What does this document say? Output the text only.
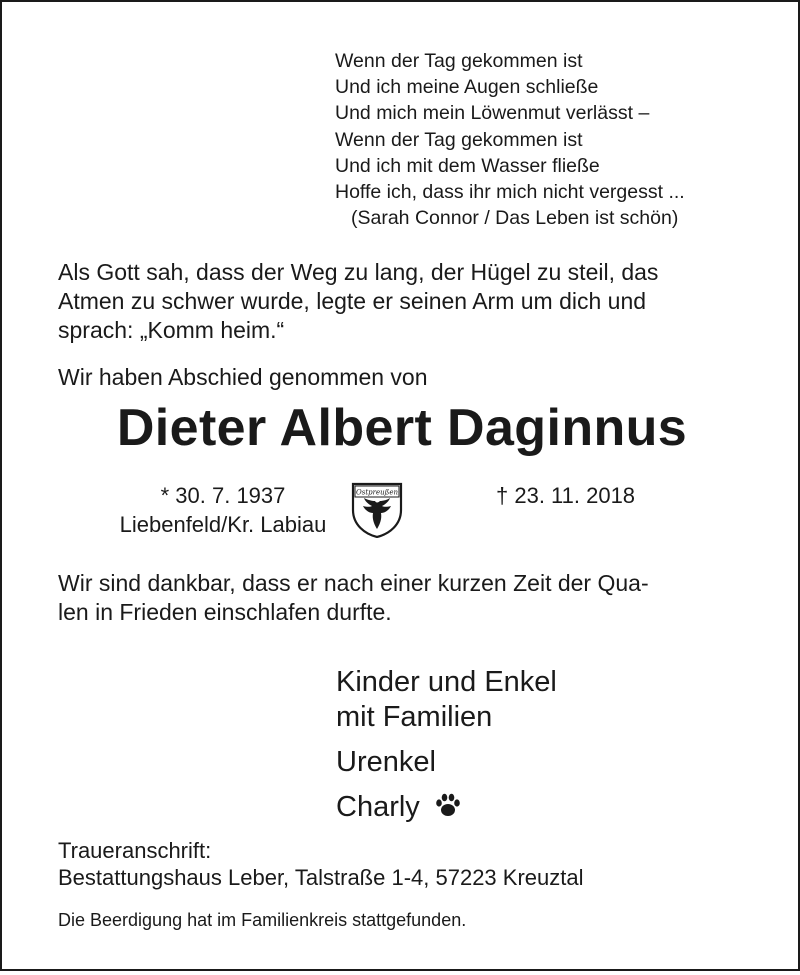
Wenn der Tag gekommen ist
Und ich meine Augen schließe
Und mich mein Löwenmut verlässt –
Wenn der Tag gekommen ist
Und ich mit dem Wasser fließe
Hoffe ich, dass ihr mich nicht vergesst ...
(Sarah Connor / Das Leben ist schön)
Als Gott sah, dass der Weg zu lang, der Hügel zu steil, das
Atmen zu schwer wurde, legte er seinen Arm um dich und
sprach: „Komm heim.“
Wir haben Abschied genommen von
Dieter Albert Daginnus
* 30. 7. 1937
Liebenfeld/Kr. Labiau
Ostpreußen	† 23. 11. 2018
Wir sind dankbar, dass er nach einer kurzen Zeit der Qua-
len in Frieden einschlafen durfte.
Kinder und Enkel
mit Familien
Urenkel
Charly
Traueranschrift:
Bestattungshaus Leber, Talstraße 1-4, 57223 Kreuztal
Die Beerdigung hat im Familienkreis stattgefunden.
